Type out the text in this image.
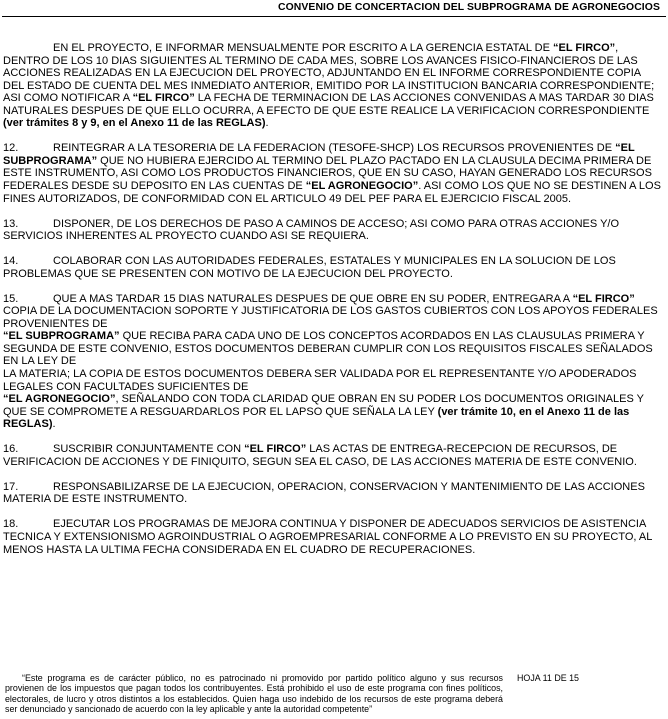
CONVENIO DE CONCERTACION DEL SUBPROGRAMA DE AGRONEGOCIOS

EN EL PROYECTO, E INFORMAR MENSUALMENTE POR ESCRITO A LA GERENCIA ESTATAL DE “EL FIRCO”, DENTRO DE LOS 10 DIAS SIGUIENTES AL TERMINO DE CADA MES, SOBRE LOS AVANCES FISICO-FINANCIEROS DE LAS ACCIONES REALIZADAS EN LA EJECUCION DEL PROYECTO, ADJUNTANDO EN EL INFORME CORRESPONDIENTE COPIA DEL ESTADO DE CUENTA DEL MES INMEDIATO ANTERIOR, EMITIDO POR LA INSTITUCION BANCARIA CORRESPONDIENTE; ASI COMO NOTIFICAR A “EL FIRCO” LA FECHA DE TERMINACION DE LAS ACCIONES CONVENIDAS A MAS TARDAR 30 DIAS NATURALES DESPUES DE QUE ELLO OCURRA, A EFECTO DE QUE ESTE REALICE LA VERIFICACION CORRESPONDIENTE (ver trámites 8 y 9, en el Anexo 11 de las REGLAS).

12.	REINTEGRAR A LA TESORERIA DE LA FEDERACION (TESOFE-SHCP) LOS RECURSOS PROVENIENTES DE “EL SUBPROGRAMA” QUE NO HUBIERA EJERCIDO AL TERMINO DEL PLAZO PACTADO EN LA CLAUSULA DECIMA PRIMERA DE ESTE INSTRUMENTO, ASI COMO LOS PRODUCTOS FINANCIEROS, QUE EN SU CASO, HAYAN GENERADO LOS RECURSOS FEDERALES DESDE SU DEPOSITO EN LAS CUENTAS DE “EL AGRONEGOCIO”. ASI COMO LOS QUE NO SE DESTINEN A LOS FINES AUTORIZADOS, DE CONFORMIDAD CON EL ARTICULO 49 DEL PEF PARA EL EJERCICIO FISCAL 2005.

13.	DISPONER, DE LOS DERECHOS DE PASO A CAMINOS DE ACCESO; ASI COMO PARA OTRAS ACCIONES Y/O SERVICIOS INHERENTES AL PROYECTO CUANDO ASI SE REQUIERA.

14.	COLABORAR CON LAS AUTORIDADES FEDERALES, ESTATALES Y MUNICIPALES EN LA SOLUCION DE LOS PROBLEMAS QUE SE PRESENTEN CON MOTIVO DE LA EJECUCION DEL PROYECTO.

15.	QUE A MAS TARDAR 15 DIAS NATURALES DESPUES DE QUE OBRE EN SU PODER, ENTREGARA A “EL FIRCO” COPIA DE LA DOCUMENTACION SOPORTE Y JUSTIFICATORIA DE LOS GASTOS CUBIERTOS CON LOS APOYOS FEDERALES PROVENIENTES DE
“EL SUBPROGRAMA” QUE RECIBA PARA CADA UNO DE LOS CONCEPTOS ACORDADOS EN LAS CLAUSULAS PRIMERA Y SEGUNDA DE ESTE CONVENIO, ESTOS DOCUMENTOS DEBERAN CUMPLIR CON LOS REQUISITOS FISCALES SEÑALADOS EN LA LEY DE
LA MATERIA; LA COPIA DE ESTOS DOCUMENTOS DEBERA SER VALIDADA POR EL REPRESENTANTE Y/O APODERADOS LEGALES CON FACULTADES SUFICIENTES DE
“EL AGRONEGOCIO”, SEÑALANDO CON TODA CLARIDAD QUE OBRAN EN SU PODER LOS DOCUMENTOS ORIGINALES Y QUE SE COMPROMETE A RESGUARDARLOS POR EL LAPSO QUE SEÑALA LA LEY (ver trámite 10, en el Anexo 11 de las REGLAS).

16.	SUSCRIBIR CONJUNTAMENTE CON “EL FIRCO” LAS ACTAS DE ENTREGA-RECEPCION DE RECURSOS, DE VERIFICACION DE ACCIONES Y DE FINIQUITO, SEGUN SEA EL CASO, DE LAS ACCIONES MATERIA DE ESTE CONVENIO.

17.	RESPONSABILIZARSE DE LA EJECUCION, OPERACION, CONSERVACION Y MANTENIMIENTO DE LAS ACCIONES MATERIA DE ESTE INSTRUMENTO.

18.	EJECUTAR LOS PROGRAMAS DE MEJORA CONTINUA Y DISPONER DE ADECUADOS SERVICIOS DE ASISTENCIA TECNICA Y EXTENSIONISMO AGROINDUSTRIAL O AGROEMPRESARIAL CONFORME A LO PREVISTO EN SU PROYECTO, AL MENOS HASTA LA ULTIMA FECHA CONSIDERADA EN EL CUADRO DE RECUPERACIONES.

“Este programa es de carácter público, no es patrocinado ni promovido por partido político alguno y sus recursos provienen de los impuestos que pagan todos los contribuyentes. Está prohibido el uso de este programa con fines políticos, electorales, de lucro y otros distintos a los establecidos. Quien haga uso indebido de los recursos de este programa deberá ser denunciado y sancionado de acuerdo con la ley aplicable y ante la autoridad competente”
HOJA 11 DE 15
